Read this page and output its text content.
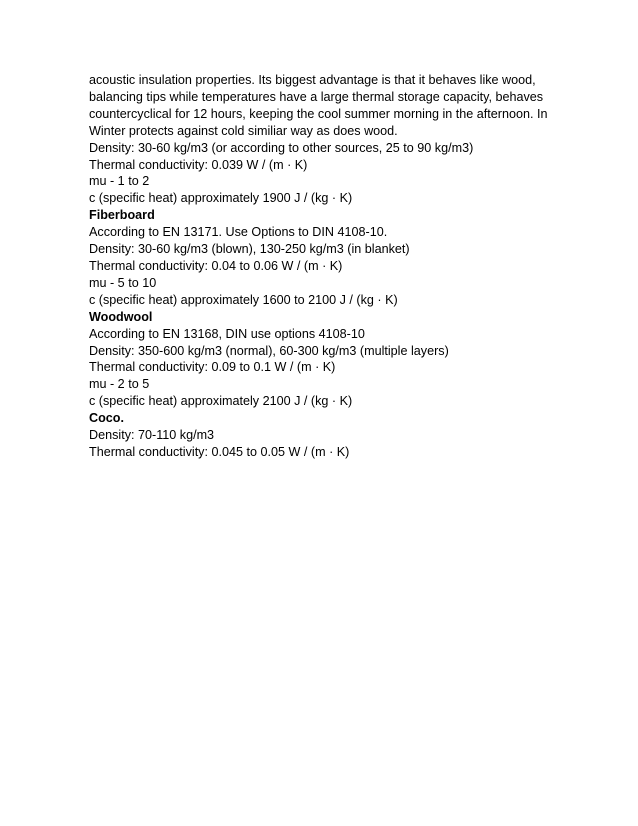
acoustic insulation properties. Its biggest advantage is that it behaves like wood,
balancing tips while temperatures have a large thermal storage capacity, behaves
countercyclical for 12 hours, keeping the cool summer morning in the afternoon. In
Winter protects against cold similiar way as does wood.
Density: 30-60 kg/m3 (or according to other sources, 25 to 90 kg/m3)
Thermal conductivity: 0.039 W / (m · K)
mu - 1 to 2
c (specific heat) approximately 1900 J / (kg · K)
Fiberboard
According to EN 13171. Use Options to DIN 4108-10.
Density: 30-60 kg/m3 (blown), 130-250 kg/m3 (in blanket)
Thermal conductivity: 0.04 to 0.06 W / (m · K)
mu - 5 to 10
c (specific heat) approximately 1600 to 2100 J / (kg · K)
Woodwool
According to EN 13168, DIN use options 4108-10
Density: 350-600 kg/m3 (normal), 60-300 kg/m3 (multiple layers)
Thermal conductivity: 0.09 to 0.1 W / (m · K)
mu - 2 to 5
c (specific heat) approximately 2100 J / (kg · K)
Coco.
Density: 70-110 kg/m3
Thermal conductivity: 0.045 to 0.05 W / (m · K)
